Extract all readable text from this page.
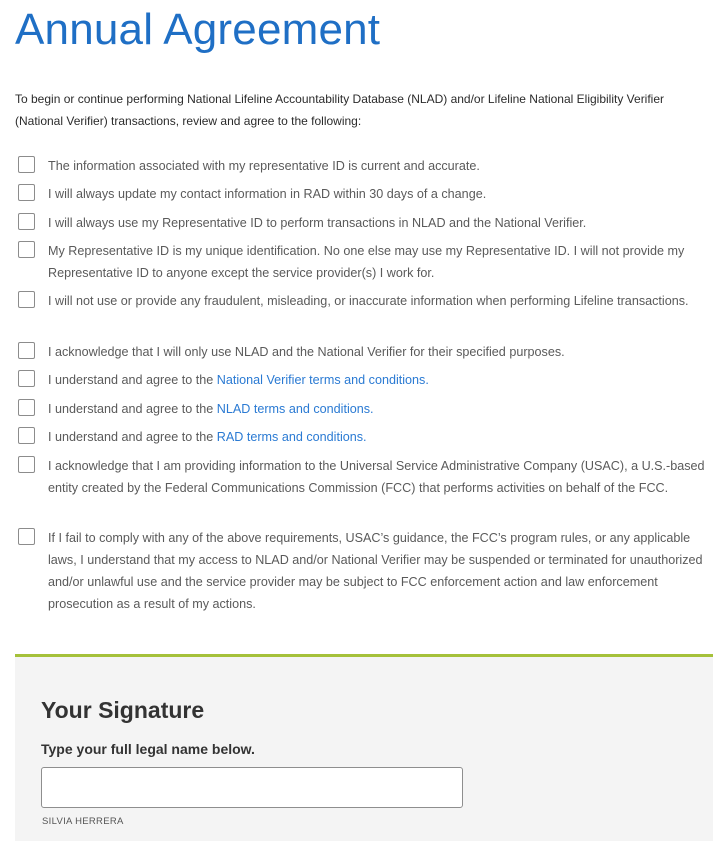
Annual Agreement

To begin or continue performing National Lifeline Accountability Database (NLAD) and/or Lifeline National Eligibility Verifier (National Verifier) transactions, review and agree to the following:

The information associated with my representative ID is current and accurate.
I will always update my contact information in RAD within 30 days of a change.
I will always use my Representative ID to perform transactions in NLAD and the National Verifier.
My Representative ID is my unique identification. No one else may use my Representative ID. I will not provide my Representative ID to anyone except the service provider(s) I work for.
I will not use or provide any fraudulent, misleading, or inaccurate information when performing Lifeline transactions.
I acknowledge that I will only use NLAD and the National Verifier for their specified purposes.
I understand and agree to the National Verifier terms and conditions.
I understand and agree to the NLAD terms and conditions.
I understand and agree to the RAD terms and conditions.
I acknowledge that I am providing information to the Universal Service Administrative Company (USAC), a U.S.-based entity created by the Federal Communications Commission (FCC) that performs activities on behalf of the FCC.
If I fail to comply with any of the above requirements, USAC’s guidance, the FCC’s program rules, or any applicable laws, I understand that my access to NLAD and/or National Verifier may be suspended or terminated for unauthorized and/or unlawful use and the service provider may be subject to FCC enforcement action and law enforcement prosecution as a result of my actions.
Your Signature
Type your full legal name below.
SILVIA HERRERA
